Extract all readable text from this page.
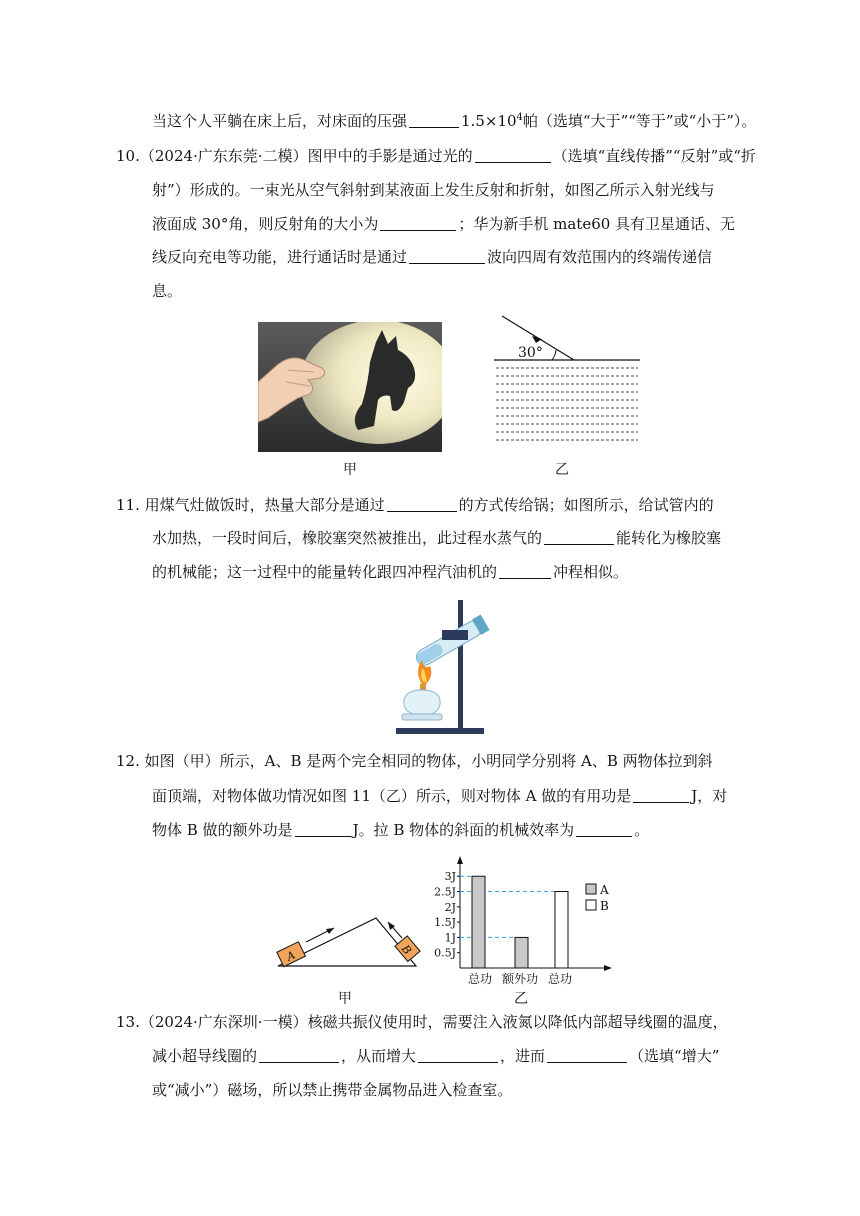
当这个人平躺在床上后，对床面的压强	$1.5\times 10^4$帕（选填“大于”“等于”或“小于”）。
10.（2024·广东东莞·二模）图甲中的手影是通过光的	（选填“直线传播”“反射”或“折
射”）形成的。一束光从空气斜射到某液面上发生反射和折射，如图乙所示入射光线与
液面成 30°角，则反射角的大小为	；华为新手机 mate60 具有卫星通话、无
线反向充电等功能，进行通话时是通过	波向四周有效范围内的终端传递信
息。
甲
30°
乙
11. 用煤气灶做饭时，热量大部分是通过	的方式传给锅；如图所示，给试管内的
水加热，一段时间后，橡胶塞突然被推出，此过程水蒸气的	能转化为橡胶塞
的机械能；这一过程中的能量转化跟四冲程汽油机的	冲程相似。
12. 如图（甲）所示，A、B 是两个完全相同的物体，小明同学分别将 A、B 两物体拉到斜
面顶端，对物体做功情况如图 11（乙）所示，则对物体 A 做的有用功是	J，对
物体 B 做的额外功是	J。拉 B 物体的斜面的机械效率为	。
A	B
甲
0.5J
1J
1.5J
2J
2.5J
3J
总功 额外功 总功
A
B
乙
13.（2024·广东深圳·一模）核磁共振仪使用时，需要注入液氮以降低内部超导线圈的温度，
减小超导线圈的	，从而增大	，进而	（选填“增大”
或“减小”）磁场，所以禁止携带金属物品进入检查室。
